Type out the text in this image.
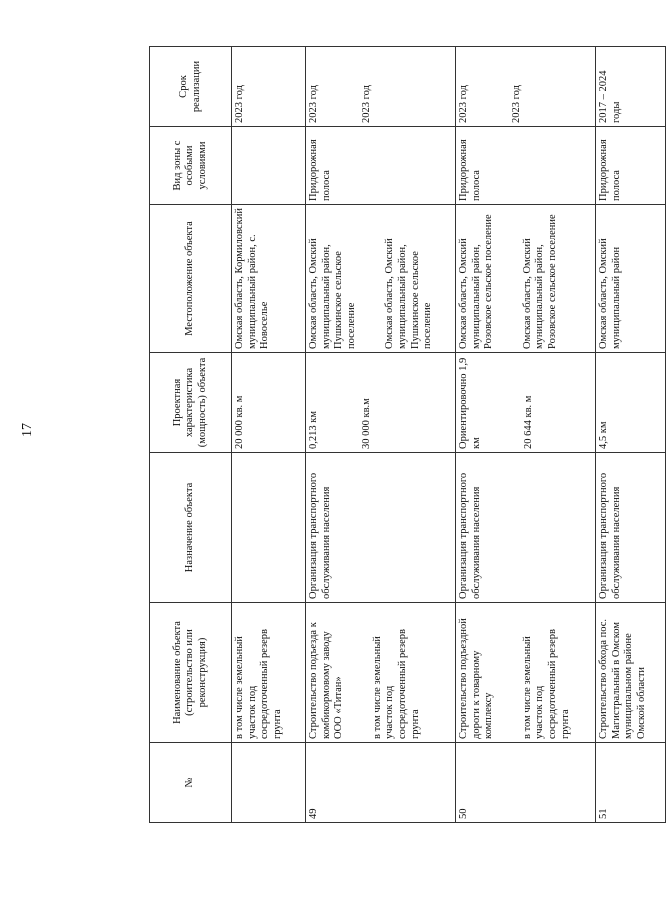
17
№	Наименование объекта (строительство или реконструкция)	Назначение объекта	Проектная характеристика (мощность) объекта	Местоположение объекта	Вид зоны с особыми условиями	Срок реализации
	в том числе земельный участок под сосредоточенный резерв грунта		20 000 кв. м	Омская область, Кормиловский муниципальный район, с. Новоселье		2023 год
49	Строительство подъезда к комбикормовому заводу ООО «Титан» в том числе земельный участок под сосредоточенный резерв грунта	Организация транспортного обслуживания населения	0,213 км 30 000 кв.м	Омская область, Омский муниципальный район, Пушкинское сельское поселение Омская область, Омский муниципальный район, Пушкинское сельское поселение	Придорожная полоса	2023 год 2023 год

50	Строительство подъездной дороги к товарному комплексу в том числе земельный участок под сосредоточенный резерв грунта	Организация транспортного обслуживания населения	Ориентировочно 1,9 км 20 644 кв. м	Омская область, Омский муниципальный район, Розовское сельское поселение Омская область, Омский муниципальный район, Розовское сельское поселение	Придорожная полоса	2023 год 2023 год

51	Строительство обхода пос. Магистральный в Омском муниципальном районе Омской области	Организация транспортного обслуживания населения	4,5 км	Омская область, Омский муниципальный район	Придорожная полоса	2017 – 2024 годы
